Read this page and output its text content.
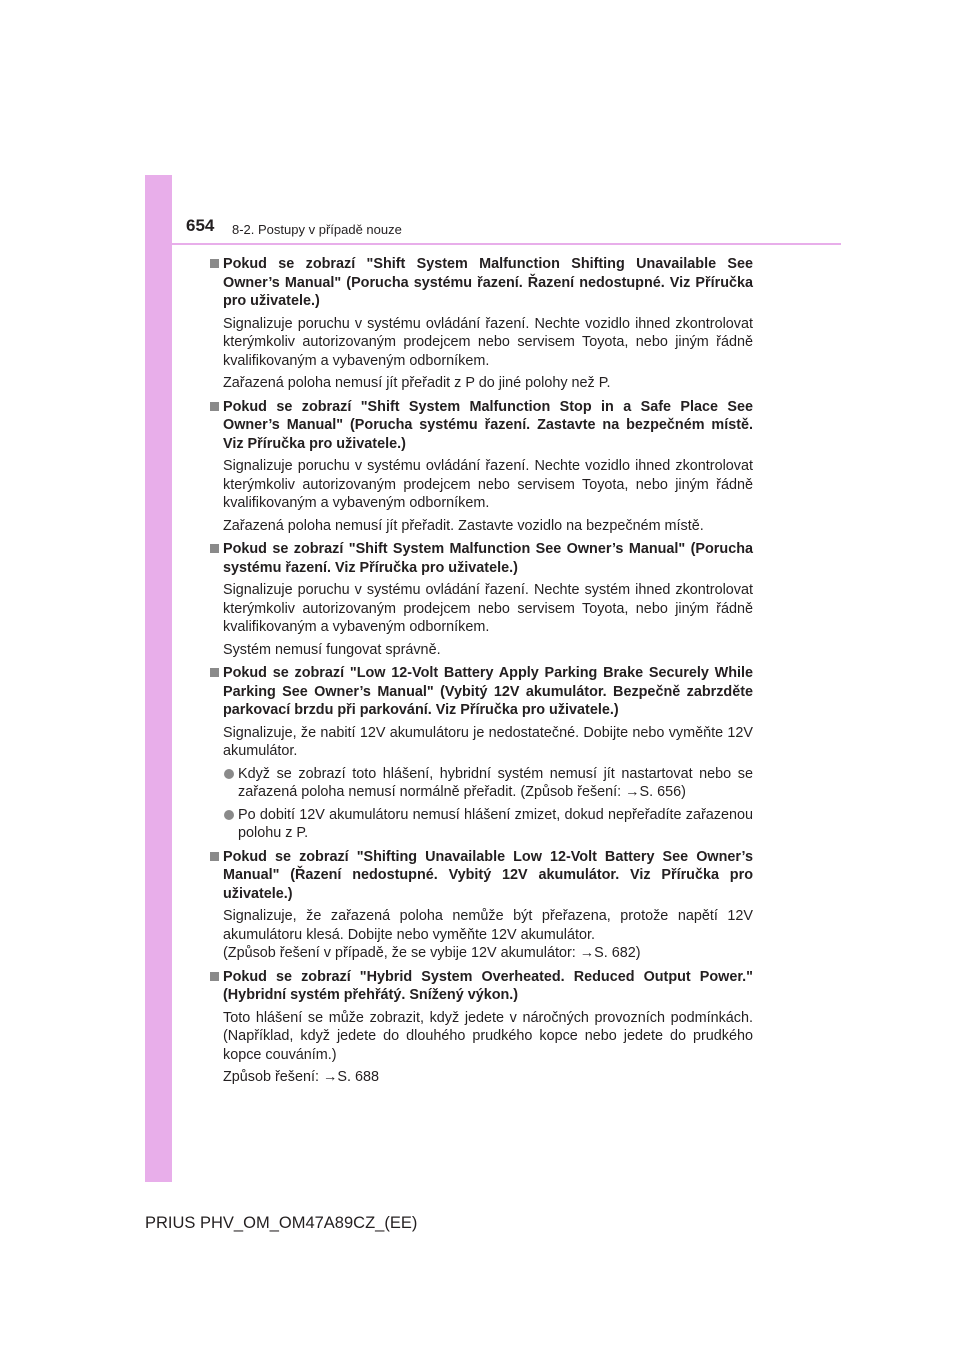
654 8-2. Postupy v případě nouze
Pokud se zobrazí "Shift System Malfunction Shifting Unavailable See Owner’s Manual" (Porucha systému řazení. Řazení nedostupné. Viz Příručka pro uživatele.)
Signalizuje poruchu v systému ovládání řazení. Nechte vozidlo ihned zkontrolovat kterýmkoliv autorizovaným prodejcem nebo servisem Toyota, nebo jiným řádně kvalifikovaným a vybaveným odborníkem.
Zařazená poloha nemusí jít přeřadit z P do jiné polohy než P.
Pokud se zobrazí "Shift System Malfunction Stop in a Safe Place See Owner’s Manual" (Porucha systému řazení. Zastavte na bezpečném místě. Viz Příručka pro uživatele.)
Signalizuje poruchu v systému ovládání řazení. Nechte vozidlo ihned zkontrolovat kterýmkoliv autorizovaným prodejcem nebo servisem Toyota, nebo jiným řádně kvalifikovaným a vybaveným odborníkem.
Zařazená poloha nemusí jít přeřadit. Zastavte vozidlo na bezpečném místě.
Pokud se zobrazí "Shift System Malfunction See Owner’s Manual" (Porucha systému řazení. Viz Příručka pro uživatele.)
Signalizuje poruchu v systému ovládání řazení. Nechte systém ihned zkontrolovat kterýmkoliv autorizovaným prodejcem nebo servisem Toyota, nebo jiným řádně kvalifikovaným a vybaveným odborníkem.
Systém nemusí fungovat správně.
Pokud se zobrazí "Low 12-Volt Battery Apply Parking Brake Securely While Parking See Owner’s Manual" (Vybitý 12V akumulátor. Bezpečně zabrzděte parkovací brzdu při parkování. Viz Příručka pro uživatele.)
Signalizuje, že nabití 12V akumulátoru je nedostatečné. Dobijte nebo vyměňte 12V akumulátor.
Když se zobrazí toto hlášení, hybridní systém nemusí jít nastartovat nebo se zařazená poloha nemusí normálně přeřadit. (Způsob řešení: →S. 656)
Po dobití 12V akumulátoru nemusí hlášení zmizet, dokud nepřeřadíte zařazenou polohu z P.
Pokud se zobrazí "Shifting Unavailable Low 12-Volt Battery See Owner’s Manual" (Řazení nedostupné. Vybitý 12V akumulátor. Viz Příručka pro uživatele.)
Signalizuje, že zařazená poloha nemůže být přeřazena, protože napětí 12V akumulátoru klesá. Dobijte nebo vyměňte 12V akumulátor.
(Způsob řešení v případě, že se vybije 12V akumulátor: →S. 682)
Pokud se zobrazí "Hybrid System Overheated. Reduced Output Power." (Hybridní systém přehřátý. Snížený výkon.)
Toto hlášení se může zobrazit, když jedete v náročných provozních podmínkách. (Například, když jedete do dlouhého prudkého kopce nebo jedete do prudkého kopce couváním.)
Způsob řešení: →S. 688
PRIUS PHV_OM_OM47A89CZ_(EE)
